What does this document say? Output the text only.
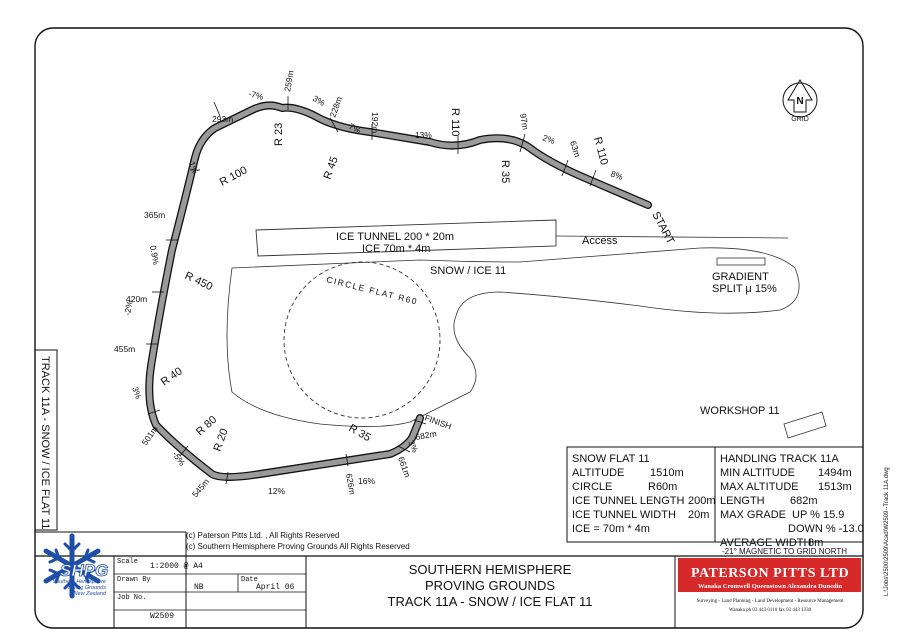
N
GRID
START
FINISH
Access
ICE TUNNEL 200 * 20m
ICE 70m * 4m
SNOW / ICE 11
CIRCLE FLAT R60	GRADIENT
SPLIT μ 15%
WORKSHOP 11
R 23
R 45
R 110
R 35
R 110
R 100
R 450
R 40
R 80
R 20	R 35
293m
259m
228m
192m	97m
63m
365m
420m
455m
501m
545m	626m
661m
682m
-7%	3%
7%	-13%	2%
8%
-1%
0.9%
-2%
3%
-5%
12%
16%
3%
TRACK 11A - SNOW / ICE FLAT 11
L:\Jobs\2500\2509\Acad\W2509--Track 11A.dwg
SNOW FLAT 11
ALTITUDE 1510m
CIRCLE	R60m
ICE TUNNEL LENGTH 200m
ICE TUNNEL WIDTH 20m
ICE = 70m * 4m
HANDLING TRACK 11A
MIN ALTITUDE 1494m
MAX ALTITUDE 1513m
LENGTH 682m
MAX GRADE UP % 15.9
DOWN % -13.0
AVERAGE WIDTH
8m
-21° MAGNETIC TO GRID NORTH
(c) Paterson Pitts Ltd. , All Rights Reserved
(c) Southern Hemisphere Proving Grounds All Rights Reserved
Scale 1:2000 @ A4
Drawn By
NB
Date
April 06
Job No.
W2509
SOUTHERN HEMISPHERE
PROVING GROUNDS
TRACK 11A - SNOW / ICE FLAT 11
SHPG
Southern Hemisphere
Proving Grounds
New Zealand
PATERSON PITTS LTD
Wanaka Cromwell Queenstown Alexandra Dunedin
Surveying - Land Planning - Land Development - Resource Management
Wanaka ph 03 443 0110 fax 03 443 1330
